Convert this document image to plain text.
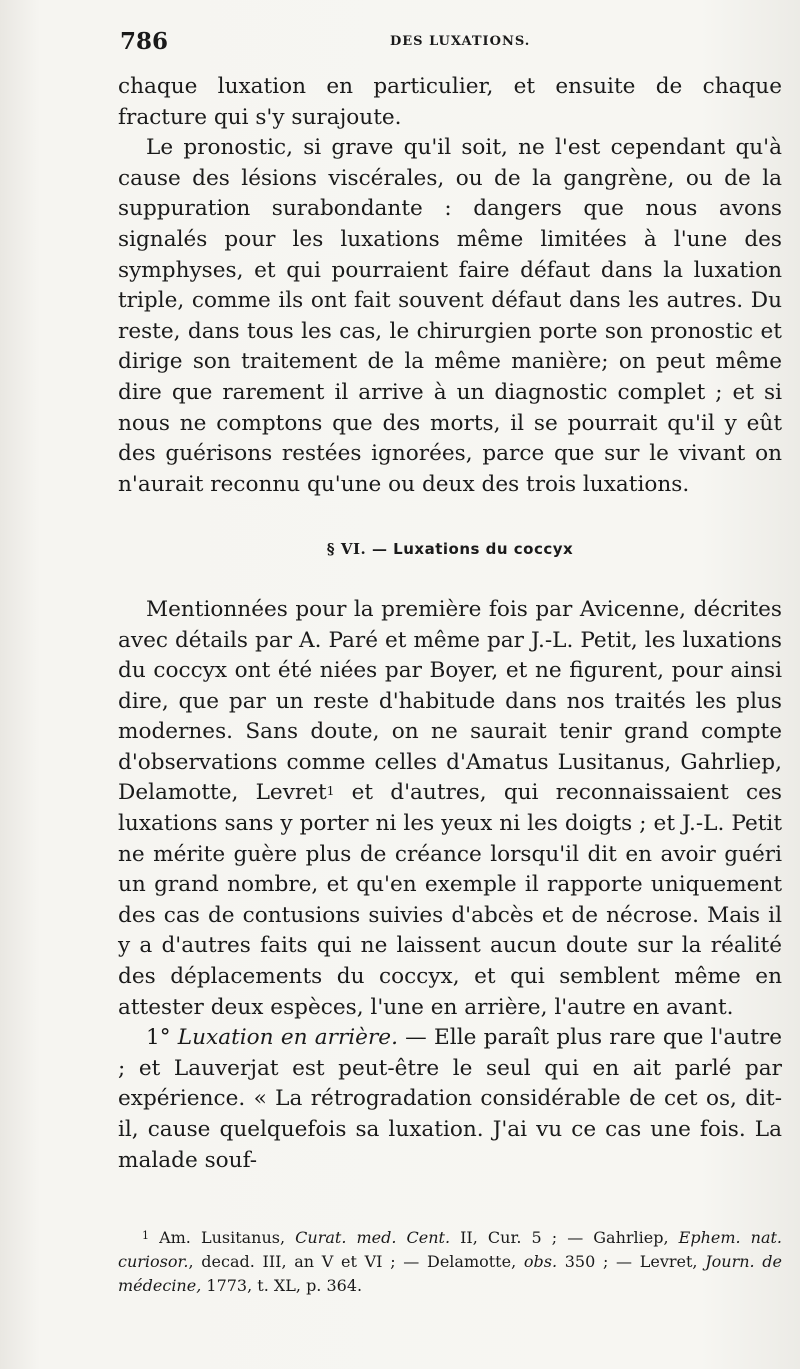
786	DES LUXATIONS.

chaque luxation en particulier, et ensuite de chaque fracture qui s'y surajoute.

Le pronostic, si grave qu'il soit, ne l'est cependant qu'à cause des lésions viscérales, ou de la gangrène, ou de la suppuration surabondante : dangers que nous avons signalés pour les luxations même limitées à l'une des symphyses, et qui pourraient faire défaut dans la luxation triple, comme ils ont fait souvent défaut dans les autres. Du reste, dans tous les cas, le chirurgien porte son pronostic et dirige son traitement de la même manière; on peut même dire que rarement il arrive à un diagnostic complet ; et si nous ne comptons que des morts, il se pourrait qu'il y eût des guérisons restées ignorées, parce que sur le vivant on n'aurait reconnu qu'une ou deux des trois luxations.

§ VI. — Luxations du coccyx

Mentionnées pour la première fois par Avicenne, décrites avec détails par A. Paré et même par J.-L. Petit, les luxations du coccyx ont été niées par Boyer, et ne figurent, pour ainsi dire, que par un reste d'habitude dans nos traités les plus modernes. Sans doute, on ne saurait tenir grand compte d'observations comme celles d'Amatus Lusitanus, Gahrliep, Delamotte, Levret$^1$ et d'autres, qui reconnaissaient ces luxations sans y porter ni les yeux ni les doigts ; et J.-L. Petit ne mérite guère plus de créance lorsqu'il dit en avoir guéri un grand nombre, et qu'en exemple il rapporte uniquement des cas de contusions suivies d'abcès et de nécrose. Mais il y a d'autres faits qui ne laissent aucun doute sur la réalité des déplacements du coccyx, et qui semblent même en attester deux espèces, l'une en arrière, l'autre en avant.

1° Luxation en arrière. — Elle paraît plus rare que l'autre ; et Lauverjat est peut-être le seul qui en ait parlé par expérience. « La rétrogradation considérable de cet os, dit-il, cause quelquefois sa luxation. J'ai vu ce cas une fois. La malade souf-

$^1$ Am. Lusitanus, Curat. med. Cent. II, Cur. 5 ; — Gahrliep, Ephem. nat. curiosor., decad. III, an V et VI ; — Delamotte, obs. 350 ; — Levret, Journ. de médecine, 1773, t. XL, p. 364.
